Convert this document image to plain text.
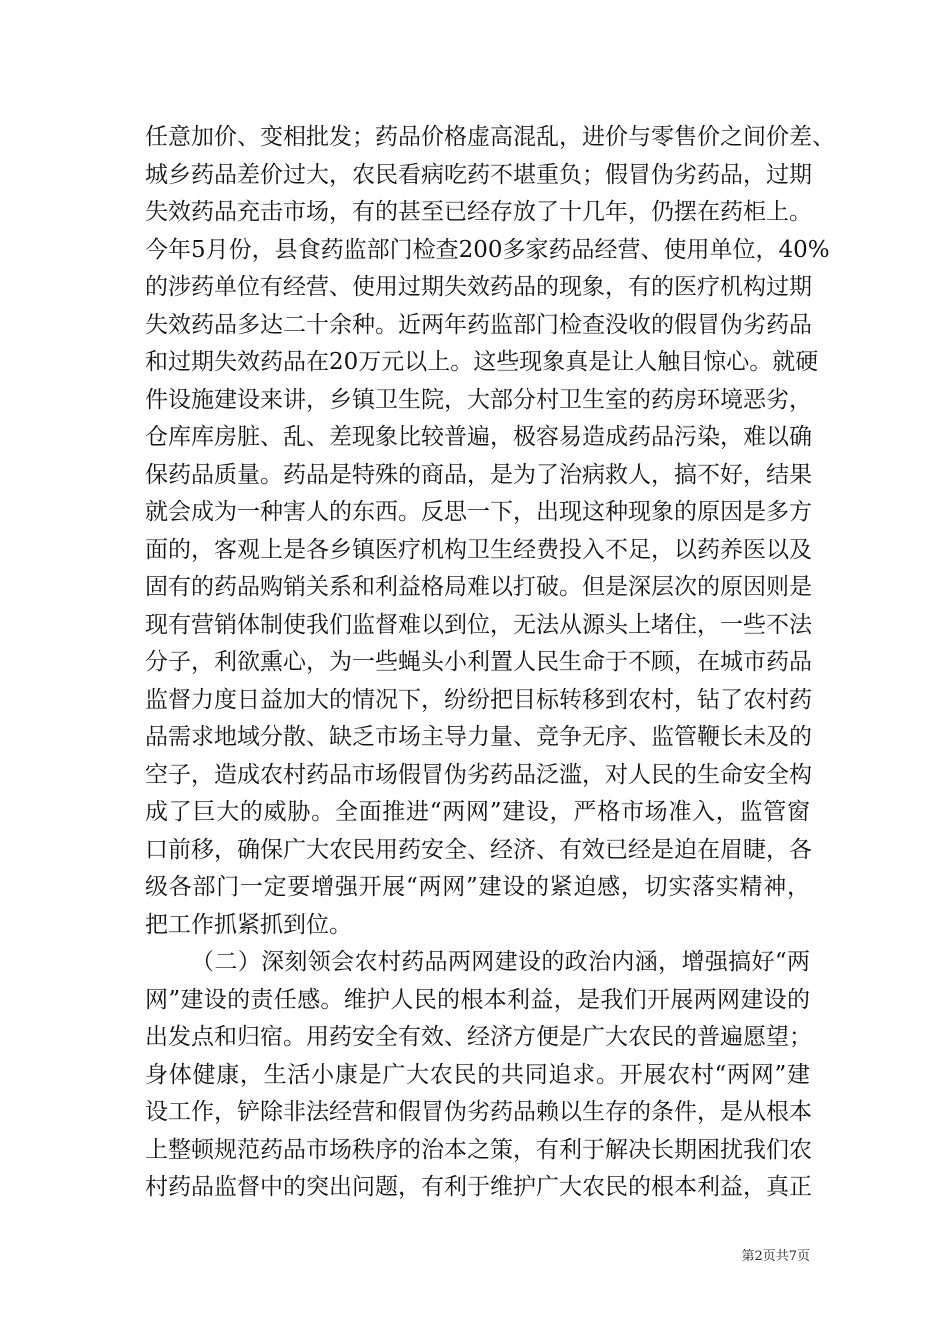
任意加价、变相批发；药品价格虚高混乱，进价与零售价之间价差、
城乡药品差价过大，农民看病吃药不堪重负；假冒伪劣药品，过期
失效药品充击市场，有的甚至已经存放了十几年，仍摆在药柜上。
今年5月份，县食药监部门检查200多家药品经营、使用单位，40%
的涉药单位有经营、使用过期失效药品的现象，有的医疗机构过期
失效药品多达二十余种。近两年药监部门检查没收的假冒伪劣药品
和过期失效药品在20万元以上。这些现象真是让人触目惊心。就硬
件设施建设来讲，乡镇卫生院，大部分村卫生室的药房环境恶劣，
仓库库房脏、乱、差现象比较普遍，极容易造成药品污染，难以确
保药品质量。药品是特殊的商品，是为了治病救人，搞不好，结果
就会成为一种害人的东西。反思一下，出现这种现象的原因是多方
面的，客观上是各乡镇医疗机构卫生经费投入不足，以药养医以及
固有的药品购销关系和利益格局难以打破。但是深层次的原因则是
现有营销体制使我们监督难以到位，无法从源头上堵住，一些不法
分子，利欲熏心，为一些蝇头小利置人民生命于不顾，在城市药品
监督力度日益加大的情况下，纷纷把目标转移到农村，钻了农村药
品需求地域分散、缺乏市场主导力量、竞争无序、监管鞭长未及的
空子，造成农村药品市场假冒伪劣药品泛滥，对人民的生命安全构
成了巨大的威胁。全面推进“两网”建设，严格市场准入，监管窗
口前移，确保广大农民用药安全、经济、有效已经是迫在眉睫，各
级各部门一定要增强开展“两网”建设的紧迫感，切实落实精神，
把工作抓紧抓到位。
（二）深刻领会农村药品两网建设的政治内涵，增强搞好“两
网”建设的责任感。维护人民的根本利益，是我们开展两网建设的
出发点和归宿。用药安全有效、经济方便是广大农民的普遍愿望；
身体健康，生活小康是广大农民的共同追求。开展农村“两网”建
设工作，铲除非法经营和假冒伪劣药品赖以生存的条件，是从根本
上整顿规范药品市场秩序的治本之策，有利于解决长期困扰我们农
村药品监督中的突出问题，有利于维护广大农民的根本利益，真正
第2页共7页
